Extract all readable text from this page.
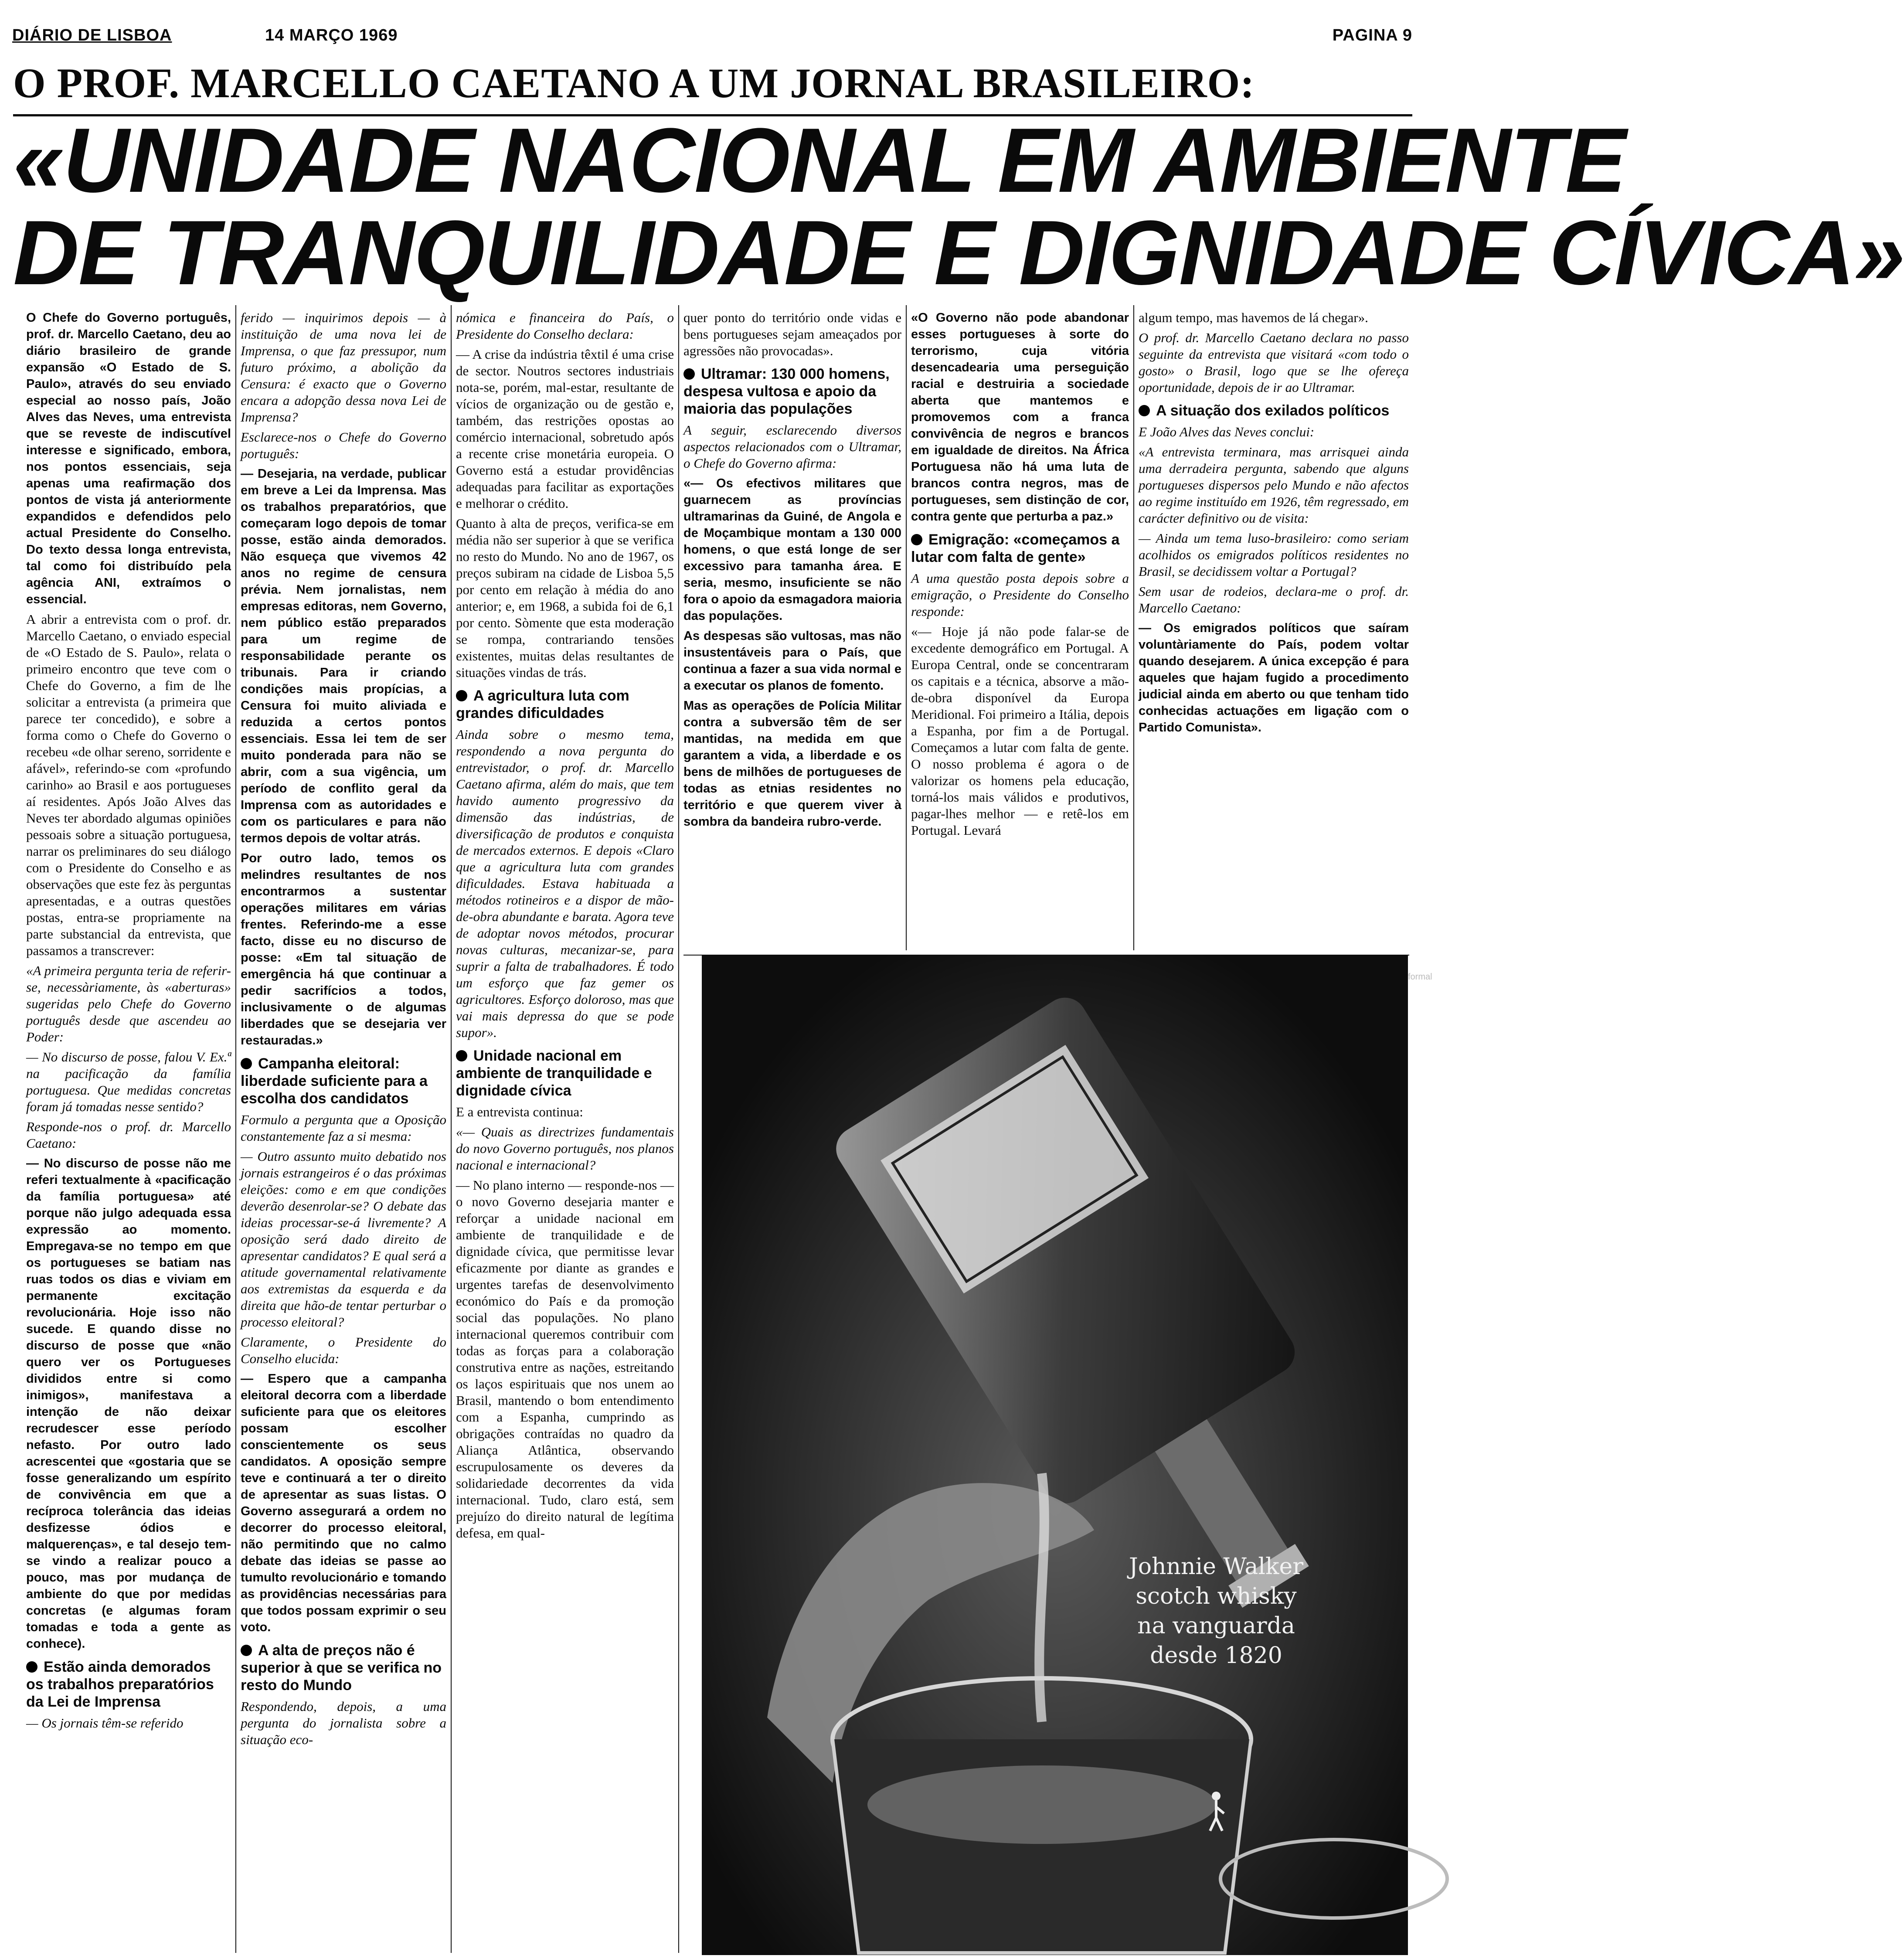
DIÁRIO DE LISBOA	14 MARÇO 1969	PAGINA 9
O PROF. MARCELLO CAETANO A UM JORNAL BRASILEIRO:
«UNIDADE NACIONAL EM AMBIENTE
DE TRANQUILIDADE E DIGNIDADE CÍVICA»

O Chefe do Governo português, prof. dr. Marcello Caetano, deu ao diário brasileiro de grande expansão «O Estado de S. Paulo», através do seu enviado especial ao nosso país, João Alves das Neves, uma entrevista que se reveste de indiscutível interesse e significado, embora, nos pontos essenciais, seja apenas uma reafirmação dos pontos de vista já anteriormente expandidos e defendidos pelo actual Presidente do Conselho. Do texto dessa longa entrevista, tal como foi distribuído pela agência ANI, extraímos o essencial.

A abrir a entrevista com o prof. dr. Marcello Caetano, o enviado especial de «O Estado de S. Paulo», relata o primeiro encontro que teve com o Chefe do Governo, a fim de lhe solicitar a entrevista (a primeira que parece ter concedido), e sobre a forma como o Chefe do Governo o recebeu «de olhar sereno, sorridente e afável», referindo-se com «profundo carinho» ao Brasil e aos portugueses aí residentes. Após João Alves das Neves ter abordado algumas opiniões pessoais sobre a situação portuguesa, narrar os preliminares do seu diálogo com o Presidente do Conselho e as observações que este fez às perguntas apresentadas, e a outras questões postas, entra-se propriamente na parte substancial da entrevista, que passamos a transcrever:

«A primeira pergunta teria de referir-se, necessàriamente, às «aberturas» sugeridas pelo Chefe do Governo português desde que ascendeu ao Poder:

— No discurso de posse, falou V. Ex.ª na pacificação da família portuguesa. Que medidas concretas foram já tomadas nesse sentido?

Responde-nos o prof. dr. Marcello Caetano:

— No discurso de posse não me referi textualmente à «pacificação da família portuguesa» até porque não julgo adequada essa expressão ao momento. Empregava-se no tempo em que os portugueses se batiam nas ruas todos os dias e viviam em permanente excitação revolucionária. Hoje isso não sucede. E quando disse no discurso de posse que «não quero ver os Portugueses divididos entre si como inimigos», manifestava a intenção de não deixar recrudescer esse período nefasto. Por outro lado acrescentei que «gostaria que se fosse generalizando um espírito de convivência em que a recíproca tolerância das ideias desfizesse ódios e malquerenças», e tal desejo tem-se vindo a realizar pouco a pouco, mas por mudança de ambiente do que por medidas concretas (e algumas foram tomadas e toda a gente as conhece).

Estão ainda demorados os trabalhos preparatórios da Lei de Imprensa

— Os jornais têm-se referido

ferido — inquirimos depois — à instituição de uma nova lei de Imprensa, o que faz pressupor, num futuro próximo, a abolição da Censura: é exacto que o Governo encara a adopção dessa nova Lei de Imprensa?

Esclarece-nos o Chefe do Governo português:

— Desejaria, na verdade, publicar em breve a Lei da Imprensa. Mas os trabalhos preparatórios, que começaram logo depois de tomar posse, estão ainda demorados. Não esqueça que vivemos 42 anos no regime de censura prévia. Nem jornalistas, nem empresas editoras, nem Governo, nem público estão preparados para um regime de responsabilidade perante os tribunais. Para ir criando condições mais propícias, a Censura foi muito aliviada e reduzida a certos pontos essenciais. Essa lei tem de ser muito ponderada para não se abrir, com a sua vigência, um período de conflito geral da Imprensa com as autoridades e com os particulares e para não termos depois de voltar atrás.

Por outro lado, temos os melindres resultantes de nos encontrarmos a sustentar operações militares em várias frentes. Referindo-me a esse facto, disse eu no discurso de posse: «Em tal situação de emergência há que continuar a pedir sacrifícios a todos, inclusivamente o de algumas liberdades que se desejaria ver restauradas.»

Campanha eleitoral: liberdade suficiente para a escolha dos candidatos

Formulo a pergunta que a Oposição constantemente faz a si mesma:

— Outro assunto muito debatido nos jornais estrangeiros é o das próximas eleições: como e em que condições deverão desenrolar-se? O debate das ideias processar-se-á livremente? A oposição será dado direito de apresentar candidatos? E qual será a atitude governamental relativamente aos extremistas da esquerda e da direita que hão-de tentar perturbar o processo eleitoral?

Claramente, o Presidente do Conselho elucida:

— Espero que a campanha eleitoral decorra com a liberdade suficiente para que os eleitores possam escolher conscientemente os seus candidatos. A oposição sempre teve e continuará a ter o direito de apresentar as suas listas. O Governo assegurará a ordem no decorrer do processo eleitoral, não permitindo que no calmo debate das ideias se passe ao tumulto revolucionário e tomando as providências necessárias para que todos possam exprimir o seu voto.

A alta de preços não é superior à que se verifica no resto do Mundo

Respondendo, depois, a uma pergunta do jornalista sobre a situação eco-

nómica e financeira do País, o Presidente do Conselho declara:

— A crise da indústria têxtil é uma crise de sector. Noutros sectores industriais nota-se, porém, mal-estar, resultante de vícios de organização ou de gestão e, também, das restrições opostas ao comércio internacional, sobretudo após a recente crise monetária europeia. O Governo está a estudar providências adequadas para facilitar as exportações e melhorar o crédito.

Quanto à alta de preços, verifica-se em média não ser superior à que se verifica no resto do Mundo. No ano de 1967, os preços subiram na cidade de Lisboa 5,5 por cento em relação à média do ano anterior; e, em 1968, a subida foi de 6,1 por cento. Sòmente que esta moderação se rompa, contrariando tensões existentes, muitas delas resultantes de situações vindas de trás.

A agricultura luta com grandes dificuldades

Ainda sobre o mesmo tema, respondendo a nova pergunta do entrevistador, o prof. dr. Marcello Caetano afirma, além do mais, que tem havido aumento progressivo da dimensão das indústrias, de diversificação de produtos e conquista de mercados externos. E depois «Claro que a agricultura luta com grandes dificuldades. Estava habituada a métodos rotineiros e a dispor de mão-de-obra abundante e barata. Agora teve de adoptar novos métodos, procurar novas culturas, mecanizar-se, para suprir a falta de trabalhadores. É todo um esforço que faz gemer os agricultores. Esforço doloroso, mas que vai mais depressa do que se pode supor».

Unidade nacional em ambiente de tranquilidade e dignidade cívica

E a entrevista continua:

«— Quais as directrizes fundamentais do novo Governo português, nos planos nacional e internacional?

— No plano interno — responde-nos — o novo Governo desejaria manter e reforçar a unidade nacional em ambiente de tranquilidade e de dignidade cívica, que permitisse levar eficazmente por diante as grandes e urgentes tarefas de desenvolvimento económico do País e da promoção social das populações. No plano internacional queremos contribuir com todas as forças para a colaboração construtiva entre as nações, estreitando os laços espirituais que nos unem ao Brasil, mantendo o bom entendimento com a Espanha, cumprindo as obrigações contraídas no quadro da Aliança Atlântica, observando escrupulosamente os deveres da solidariedade decorrentes da vida internacional. Tudo, claro está, sem prejuízo do direito natural de legítima defesa, em qual-

quer ponto do território onde vidas e bens portugueses sejam ameaçados por agressões não provocadas».

Ultramar: 130 000 homens, despesa vultosa e apoio da maioria das populações

A seguir, esclarecendo diversos aspectos relacionados com o Ultramar, o Chefe do Governo afirma:

«— Os efectivos militares que guarnecem as províncias ultramarinas da Guiné, de Angola e de Moçambique montam a 130 000 homens, o que está longe de ser excessivo para tamanha área. E seria, mesmo, insuficiente se não fora o apoio da esmagadora maioria das populações.

As despesas são vultosas, mas não insustentáveis para o País, que continua a fazer a sua vida normal e a executar os planos de fomento.

Mas as operações de Polícia Militar contra a subversão têm de ser mantidas, na medida em que garantem a vida, a liberdade e os bens de milhões de portugueses de todas as etnias residentes no território e que querem viver à sombra da bandeira rubro-verde.

«O Governo não pode abandonar esses portugueses à sorte do terrorismo, cuja vitória desencadearia uma perseguição racial e destruiria a sociedade aberta que mantemos e promovemos com a franca convivência de negros e brancos em igualdade de direitos. Na África Portuguesa não há uma luta de brancos contra negros, mas de portugueses, sem distinção de cor, contra gente que perturba a paz.»

Emigração: «começamos a lutar com falta de gente»

A uma questão posta depois sobre a emigração, o Presidente do Conselho responde:

«— Hoje já não pode falar-se de excedente demográfico em Portugal. A Europa Central, onde se concentraram os capitais e a técnica, absorve a mão-de-obra disponível da Europa Meridional. Foi primeiro a Itália, depois a Espanha, por fim a de Portugal. Começamos a lutar com falta de gente. O nosso problema é agora o de valorizar os homens pela educação, torná-los mais válidos e produtivos, pagar-lhes melhor — e retê-los em Portugal. Levará

algum tempo, mas havemos de lá chegar».

O prof. dr. Marcello Caetano declara no passo seguinte da entrevista que visitará «com todo o gosto» o Brasil, logo que se lhe ofereça oportunidade, depois de ir ao Ultramar.

A situação dos exilados políticos

E João Alves das Neves conclui:

«A entrevista terminara, mas arrisquei ainda uma derradeira pergunta, sabendo que alguns portugueses dispersos pelo Mundo e não afectos ao regime instituído em 1926, têm regressado, em carácter definitivo ou de visita:

— Ainda um tema luso-brasileiro: como seriam acolhidos os emigrados políticos residentes no Brasil, se decidissem voltar a Portugal?

Sem usar de rodeios, declara-me o prof. dr. Marcello Caetano:

— Os emigrados políticos que saíram voluntàriamente do País, podem voltar quando desejarem. A única excepção é para aqueles que hajam fugido a procedimento judicial ainda em aberto ou que tenham tido conhecidas actuações em ligação com o Partido Comunista».

formal
Johnnie Walker
scotch whisky
na vanguarda
desde 1820
